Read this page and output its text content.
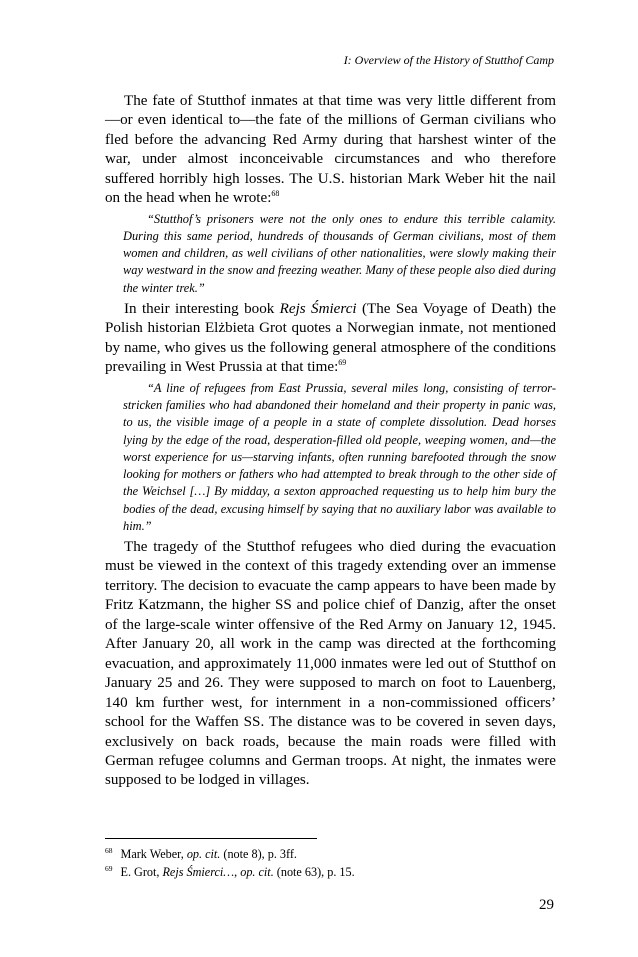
I: Overview of the History of Stutthof Camp

The fate of Stutthof inmates at that time was very little different from—or even identical to—the fate of the millions of German civilians who fled before the advancing Red Army during that harshest winter of the war, under almost inconceivable circumstances and who therefore suffered horribly high losses. The U.S. historian Mark Weber hit the nail on the head when he wrote:$^{68}$

“Stutthof’s prisoners were not the only ones to endure this terrible calamity. During this same period, hundreds of thousands of German civilians, most of them women and children, as well civilians of other nationalities, were slowly making their way westward in the snow and freezing weather. Many of these people also died during the winter trek.”

In their interesting book Rejs Śmierci (The Sea Voyage of Death) the Polish historian Elżbieta Grot quotes a Norwegian inmate, not mentioned by name, who gives us the following general atmosphere of the conditions prevailing in West Prussia at that time:$^{69}$

“A line of refugees from East Prussia, several miles long, consisting of terror-stricken families who had abandoned their homeland and their property in panic was, to us, the visible image of a people in a state of complete dissolution. Dead horses lying by the edge of the road, desperation-filled old people, weeping women, and—the worst experience for us—starving infants, often running barefooted through the snow looking for mothers or fathers who had attempted to break through to the other side of the Weichsel […] By midday, a sexton approached requesting us to help him bury the bodies of the dead, excusing himself by saying that no auxiliary labor was available to him.”

The tragedy of the Stutthof refugees who died during the evacuation must be viewed in the context of this tragedy extending over an immense territory. The decision to evacuate the camp appears to have been made by Fritz Katzmann, the higher SS and police chief of Danzig, after the onset of the large-scale winter offensive of the Red Army on January 12, 1945. After January 20, all work in the camp was directed at the forthcoming evacuation, and approximately 11,000 inmates were led out of Stutthof on January 25 and 26. They were supposed to march on foot to Lauenberg, 140 km further west, for internment in a non-commissioned officers’ school for the Waffen SS. The distance was to be covered in seven days, exclusively on back roads, because the main roads were filled with German refugee columns and German troops. At night, the inmates were supposed to be lodged in villages.

$^{68}$ Mark Weber, op. cit. (note 8), p. 3ff.
$^{69}$ E. Grot, Rejs Śmierci…, op. cit. (note 63), p. 15.
29
